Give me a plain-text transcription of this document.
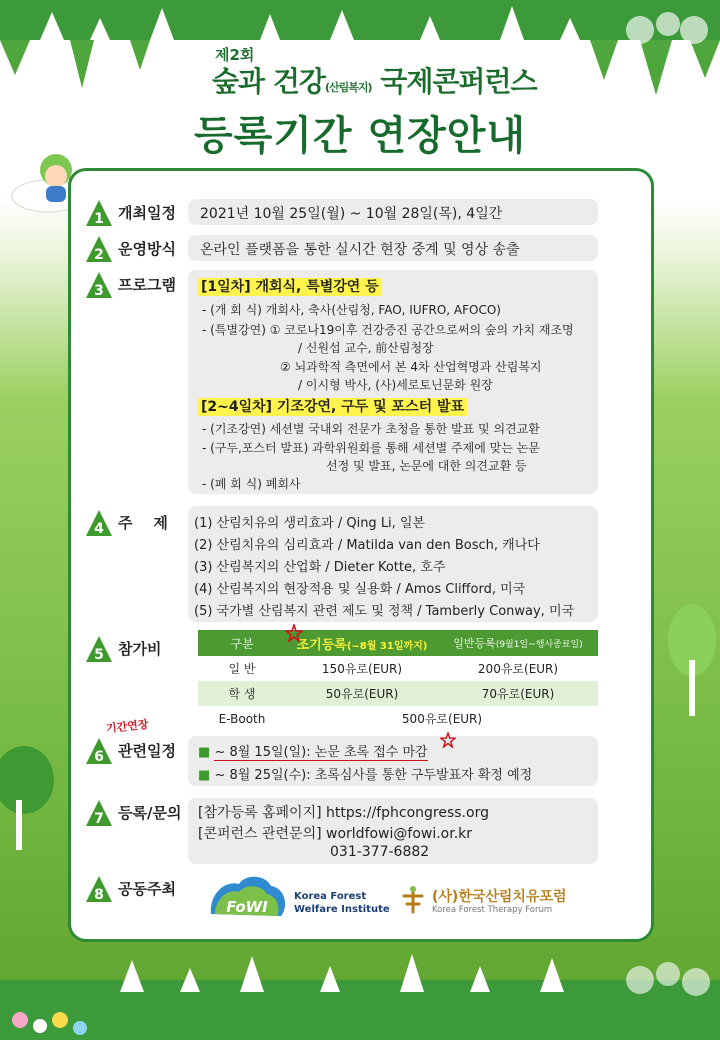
제2회
숲과 건강(산림복지) 국제콘퍼런스
등록기간 연장안내
1 개최일정 2021년 10월 25일(월) ~ 10월 28일(목), 4일간
2 운영방식 온라인 플랫폼을 통한 실시간 현장 중계 및 영상 송출
3 프로그램 [1일차] 개회식, 특별강연 등
- (개 회 식) 개회사, 축사(산림청, FAO, IUFRO, AFOCO)
- (특별강연) ① 코로나19이후 건강증진 공간으로써의 숲의 가치 재조명
/ 신원섭 교수, 前산림청장
② 뇌과학적 측면에서 본 4차 산업혁명과 산림복지
/ 이시형 박사, (사)세로토닌문화 원장
[2~4일차] 기조강연, 구두 및 포스터 발표
- (기조강연) 세션별 국내외 전문가 초청을 통한 발표 및 의견교환
- (구두,포스터 발표) 과학위원회를 통해 세션별 주제에 맞는 논문
선정 및 발표, 논문에 대한 의견교환 등
- (폐 회 식) 폐회사
4 주    제 (1) 산림치유의 생리효과 / Qing Li, 일본
(2) 산림치유의 심리효과 / Matilda van den Bosch, 캐나다
(3) 산림복지의 산업화 / Dieter Kotte, 호주
(4) 산림복지의 현장적용 및 실용화 / Amos Clifford, 미국
(5) 국가별 산림복지 관련 제도 및 정책 / Tamberly Conway, 미국
5 참가비	구분	조기등록(~8월 31일까지)	일반등록(9월1일~행사종료일)
일 반	150유로(EUR)	200유로(EUR)
학 생	50유로(EUR)	70유로(EUR)
E-Booth	500유로(EUR)	
6 관련일정
기간연장
■ ~ 8월 15일(일): 논문 초록 접수 마감
■ ~ 8월 25일(수): 초록심사를 통한 구두발표자 확정 예정
7 등록/문의 [참가등록 홈페이지] https://fphcongress.org
[콘퍼런스 관련문의] worldfowi@fowi.or.kr
031-377-6882
8 공동주최
FoWI
Korea Forest
Welfare Institute
(사)한국산림치유포럼
Korea Forest Therapy Forum
